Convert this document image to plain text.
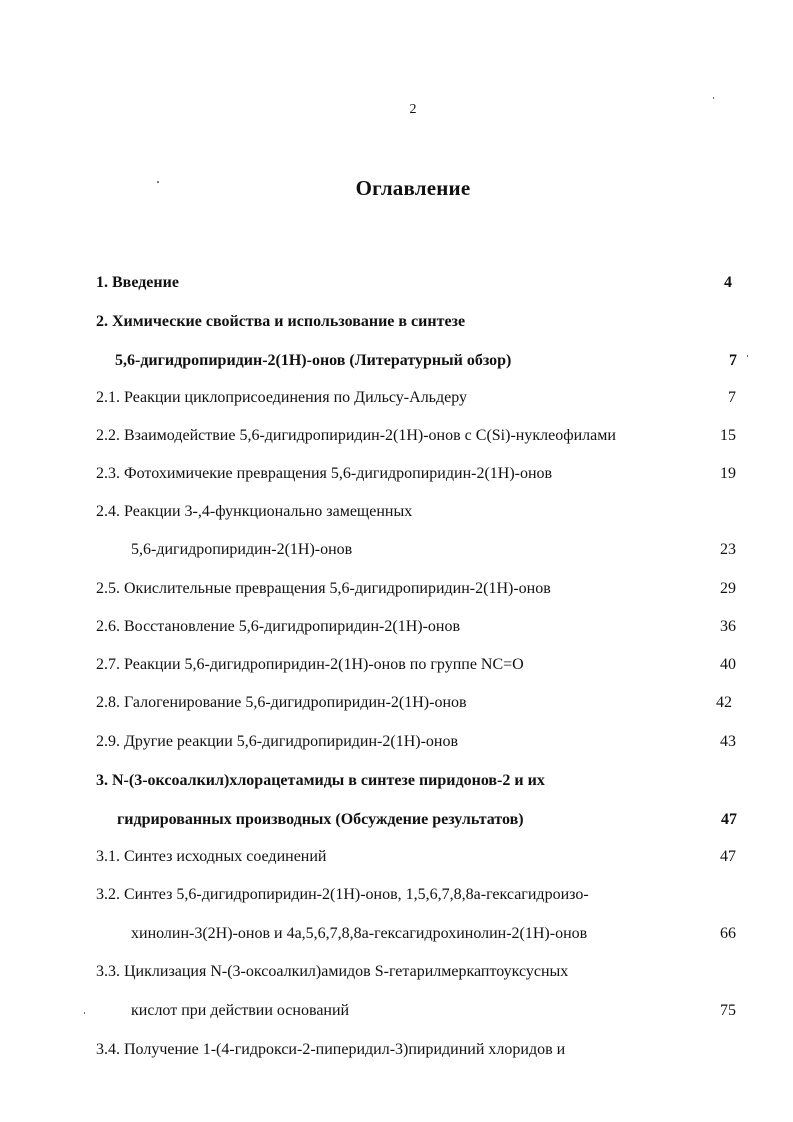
2
Оглавление
1. Введение	4
2. Химические свойства и использование в синтезе
5,6-дигидропиридин-2(1H)-онов (Литературный обзор)	7
2.1. Реакции циклоприсоединения по Дильсу-Альдеру	7
2.2. Взаимодействие 5,6-дигидропиридин-2(1H)-онов с C(Si)-нуклеофилами	15
2.3. Фотохимичекие превращения 5,6-дигидропиридин-2(1H)-онов	19
2.4. Реакции 3-,4-функционально замещенных
5,6-дигидропиридин-2(1H)-онов	23
2.5. Окислительные превращения 5,6-дигидропиридин-2(1H)-онов	29
2.6. Восстановление 5,6-дигидропиридин-2(1H)-онов	36
2.7. Реакции 5,6-дигидропиридин-2(1H)-онов по группе NC=O	40
2.8. Галогенирование 5,6-дигидропиридин-2(1H)-онов	42
2.9. Другие реакции 5,6-дигидропиридин-2(1H)-онов	43
3. N-(3-оксоалкил)хлорацетамиды в синтезе пиридонов-2 и их
гидрированных производных (Обсуждение результатов)	47
3.1. Синтез исходных соединений	47
3.2. Синтез 5,6-дигидропиридин-2(1H)-онов, 1,5,6,7,8,8а-гексагидроизо-
хинолин-3(2H)-онов и 4а,5,6,7,8,8а-гексагидрохинолин-2(1H)-онов	66
3.3. Циклизация N-(3-оксоалкил)амидов S-гетарилмеркаптоуксусных
кислот при действии оснований	75
3.4. Получение 1-(4-гидрокси-2-пиперидил-3)пиридиний хлоридов и
